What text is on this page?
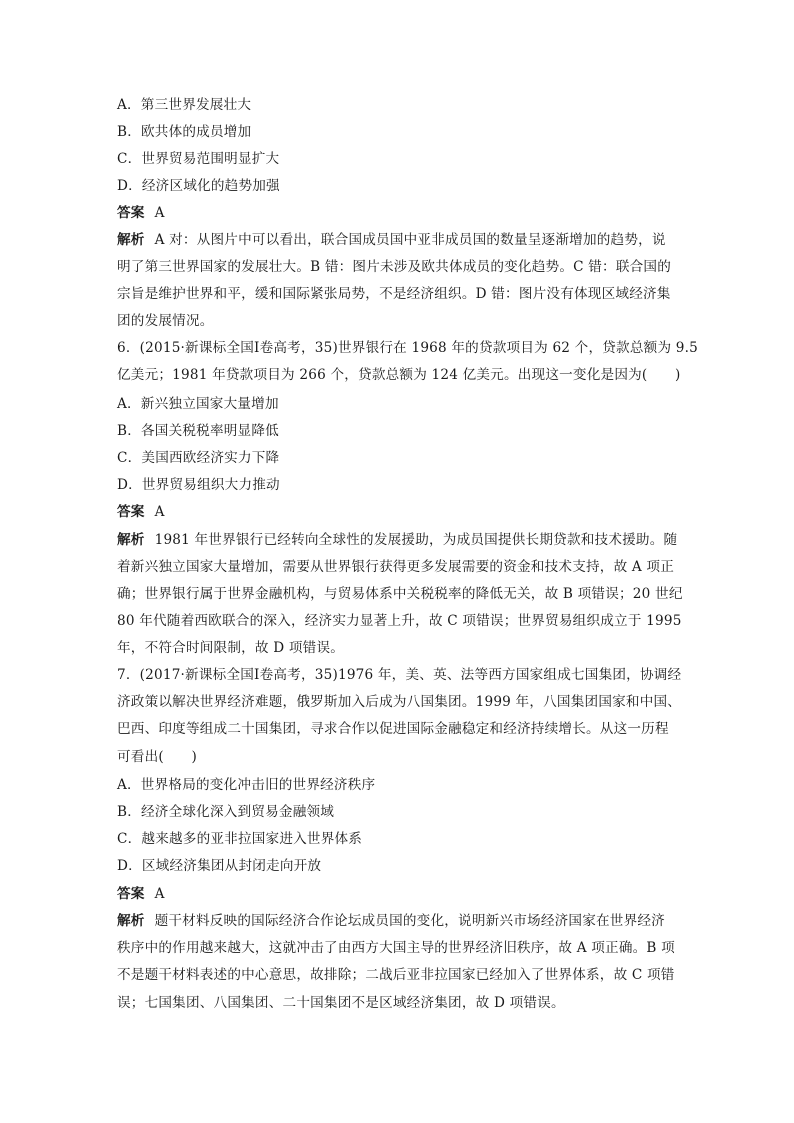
A．第三世界发展壮大
B．欧共体的成员增加
C．世界贸易范围明显扩大
D．经济区域化的趋势加强
答案 A
解析 A 对：从图片中可以看出，联合国成员国中亚非成员国的数量呈逐渐增加的趋势，说
明了第三世界国家的发展壮大。B 错：图片未涉及欧共体成员的变化趋势。C 错：联合国的
宗旨是维护世界和平，缓和国际紧张局势，不是经济组织。D 错：图片没有体现区域经济集
团的发展情况。
6．(2015·新课标全国Ⅰ卷高考，35)世界银行在 1968 年的贷款项目为 62 个，贷款总额为 9.5
亿美元；1981 年贷款项目为 266 个，贷款总额为 124 亿美元。出现这一变化是因为(　　)
A．新兴独立国家大量增加
B．各国关税税率明显降低
C．美国西欧经济实力下降
D．世界贸易组织大力推动
答案 A
解析 1981 年世界银行已经转向全球性的发展援助，为成员国提供长期贷款和技术援助。随
着新兴独立国家大量增加，需要从世界银行获得更多发展需要的资金和技术支持，故 A 项正
确；世界银行属于世界金融机构，与贸易体系中关税税率的降低无关，故 B 项错误；20 世纪
80 年代随着西欧联合的深入，经济实力显著上升，故 C 项错误；世界贸易组织成立于 1995
年，不符合时间限制，故 D 项错误。
7．(2017·新课标全国Ⅰ卷高考，35)1976 年，美、英、法等西方国家组成七国集团，协调经
济政策以解决世界经济难题，俄罗斯加入后成为八国集团。1999 年，八国集团国家和中国、
巴西、印度等组成二十国集团，寻求合作以促进国际金融稳定和经济持续增长。从这一历程
可看出(　　)
A．世界格局的变化冲击旧的世界经济秩序
B．经济全球化深入到贸易金融领域
C．越来越多的亚非拉国家进入世界体系
D．区域经济集团从封闭走向开放
答案 A
解析 题干材料反映的国际经济合作论坛成员国的变化，说明新兴市场经济国家在世界经济
秩序中的作用越来越大，这就冲击了由西方大国主导的世界经济旧秩序，故 A 项正确。B 项
不是题干材料表述的中心意思，故排除；二战后亚非拉国家已经加入了世界体系，故 C 项错
误；七国集团、八国集团、二十国集团不是区域经济集团，故 D 项错误。
